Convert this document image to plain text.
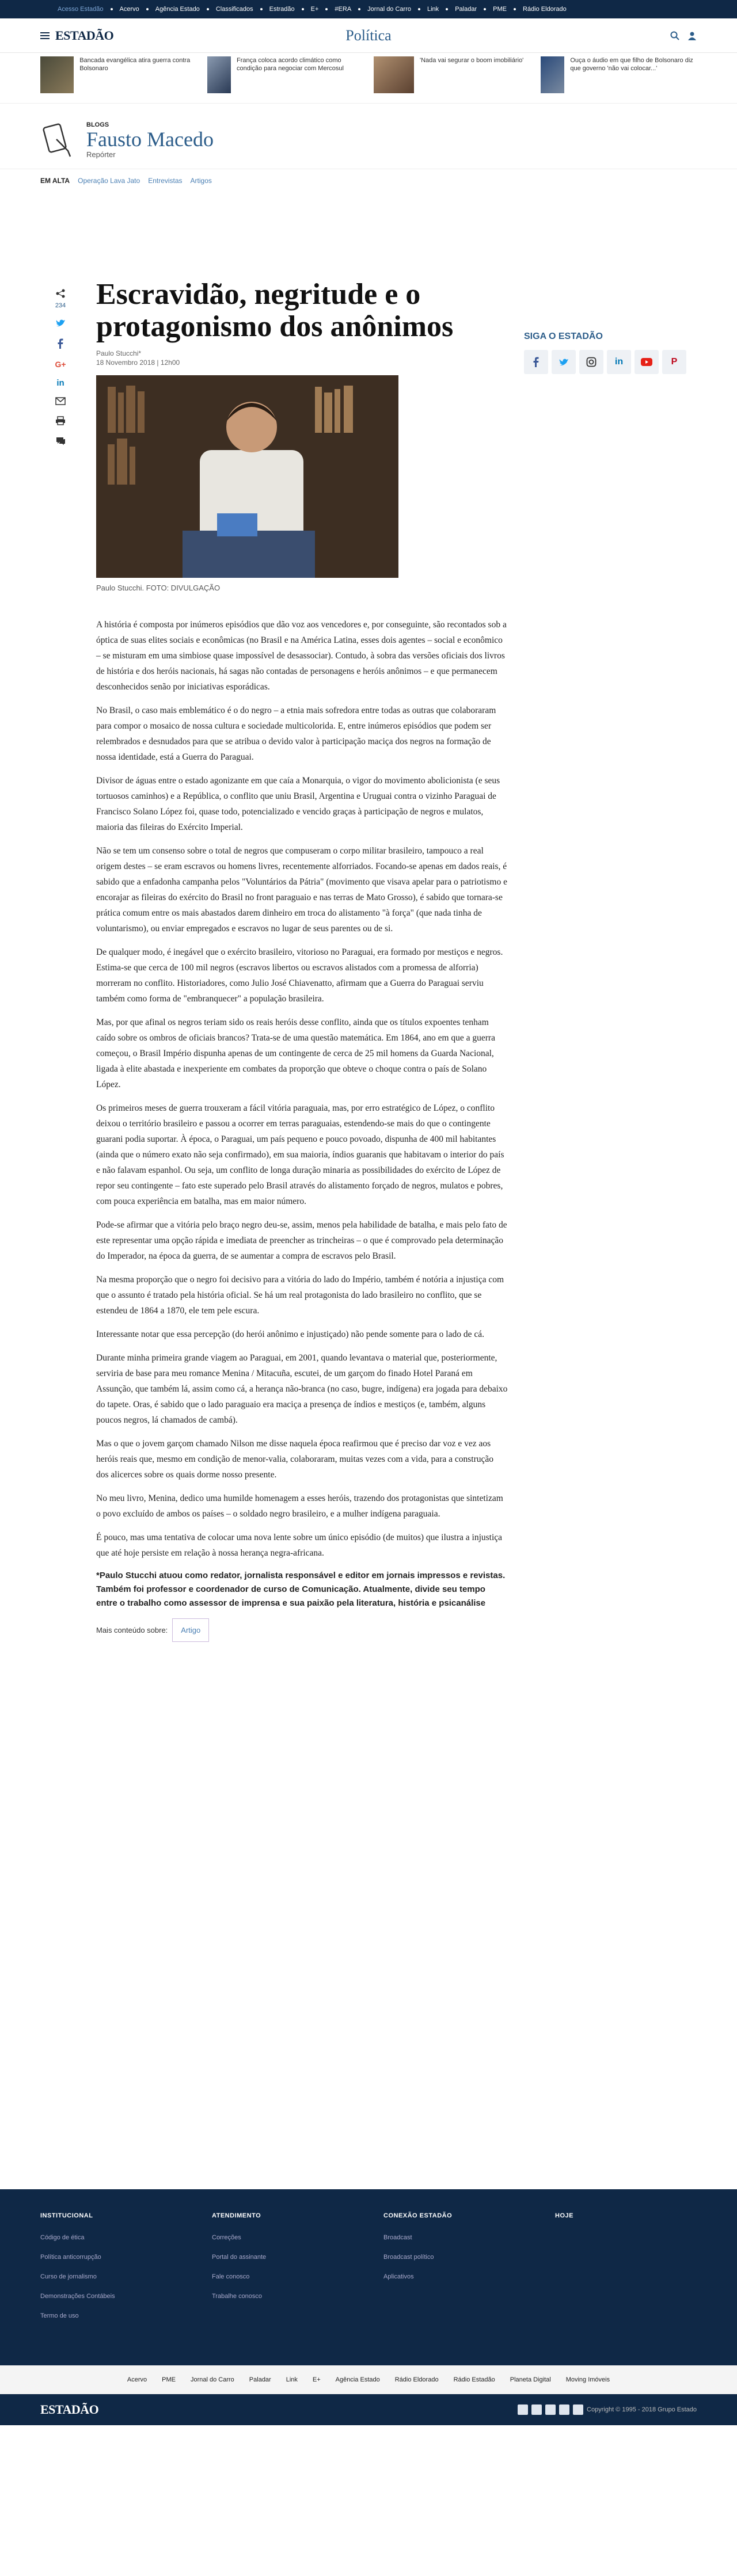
Acesso Estadão	Acervo	Agência Estado	Classificados	Estradão	E+	#ERA	Jornal do Carro	Link	Paladar	PME	Rádio Eldorado
ESTADÃO	Política
Bancada evangélica atira guerra contra Bolsonaro
França coloca acordo climático como condição para negociar com Mercosul
'Nada vai segurar o boom imobiliário'	Ouça o áudio em que filho de Bolsonaro diz que governo 'não vai colocar...'
BLOGS
Fausto Macedo
Repórter
EM ALTA Operação Lava Jato Entrevistas Artigos
234
G+
in
Escravidão, negritude e o protagonismo dos anônimos
Paulo Stucchi*
18 Novembro 2018 | 12h00
Paulo Stucchi. FOTO: DIVULGAÇÃO

A história é composta por inúmeros episódios que dão voz aos vencedores e, por conseguinte, são recontados sob a óptica de suas elites sociais e econômicas (no Brasil e na América Latina, esses dois agentes – social e econômico – se misturam em uma simbiose quase impossível de desassociar). Contudo, à sobra das versões oficiais dos livros de história e dos heróis nacionais, há sagas não contadas de personagens e heróis anônimos – e que permanecem desconhecidos senão por iniciativas esporádicas.

No Brasil, o caso mais emblemático é o do negro – a etnia mais sofredora entre todas as outras que colaboraram para compor o mosaico de nossa cultura e sociedade multicolorida. E, entre inúmeros episódios que podem ser relembrados e desnudados para que se atribua o devido valor à participação maciça dos negros na formação de nossa identidade, está a Guerra do Paraguai.

Divisor de águas entre o estado agonizante em que caía a Monarquia, o vigor do movimento abolicionista (e seus tortuosos caminhos) e a República, o conflito que uniu Brasil, Argentina e Uruguai contra o vizinho Paraguai de Francisco Solano López foi, quase todo, potencializado e vencido graças à participação de negros e mulatos, maioria das fileiras do Exército Imperial.

Não se tem um consenso sobre o total de negros que compuseram o corpo militar brasileiro, tampouco a real origem destes – se eram escravos ou homens livres, recentemente alforriados. Focando-se apenas em dados reais, é sabido que a enfadonha campanha pelos "Voluntários da Pátria" (movimento que visava apelar para o patriotismo e encorajar as fileiras do exército do Brasil no front paraguaio e nas terras de Mato Grosso), é sabido que tornara-se prática comum entre os mais abastados darem dinheiro em troca do alistamento "à força" (que nada tinha de voluntarismo), ou enviar empregados e escravos no lugar de seus parentes ou de si.

De qualquer modo, é inegável que o exército brasileiro, vitorioso no Paraguai, era formado por mestiços e negros. Estima-se que cerca de 100 mil negros (escravos libertos ou escravos alistados com a promessa de alforria) morreram no conflito. Historiadores, como Julio José Chiavenatto, afirmam que a Guerra do Paraguai serviu também como forma de "embranquecer" a população brasileira.

Mas, por que afinal os negros teriam sido os reais heróis desse conflito, ainda que os títulos expoentes tenham caído sobre os ombros de oficiais brancos? Trata-se de uma questão matemática. Em 1864, ano em que a guerra começou, o Brasil Império dispunha apenas de um contingente de cerca de 25 mil homens da Guarda Nacional, ligada à elite abastada e inexperiente em combates da proporção que obteve o choque contra o país de Solano López.

Os primeiros meses de guerra trouxeram a fácil vitória paraguaia, mas, por erro estratégico de López, o conflito deixou o território brasileiro e passou a ocorrer em terras paraguaias, estendendo-se mais do que o contingente guarani podia suportar. À época, o Paraguai, um país pequeno e pouco povoado, dispunha de 400 mil habitantes (ainda que o número exato não seja confirmado), em sua maioria, índios guaranis que habitavam o interior do país e não falavam espanhol. Ou seja, um conflito de longa duração minaria as possibilidades do exército de López de repor seu contingente – fato este superado pelo Brasil através do alistamento forçado de negros, mulatos e pobres, com pouca experiência em batalha, mas em maior número.

Pode-se afirmar que a vitória pelo braço negro deu-se, assim, menos pela habilidade de batalha, e mais pelo fato de este representar uma opção rápida e imediata de preencher as trincheiras – o que é comprovado pela determinação do Imperador, na época da guerra, de se aumentar a compra de escravos pelo Brasil.

Na mesma proporção que o negro foi decisivo para a vitória do lado do Império, também é notória a injustiça com que o assunto é tratado pela história oficial. Se há um real protagonista do lado brasileiro no conflito, que se estendeu de 1864 a 1870, ele tem pele escura.

Interessante notar que essa percepção (do herói anônimo e injustiçado) não pende somente para o lado de cá.

Durante minha primeira grande viagem ao Paraguai, em 2001, quando levantava o material que, posteriormente, serviria de base para meu romance Menina / Mitacuña, escutei, de um garçom do finado Hotel Paraná em Assunção, que também lá, assim como cá, a herança não-branca (no caso, bugre, indígena) era jogada para debaixo do tapete. Oras, é sabido que o lado paraguaio era maciça a presença de índios e mestiços (e, também, alguns poucos negros, lá chamados de cambá).

Mas o que o jovem garçom chamado Nilson me disse naquela época reafirmou que é preciso dar voz e vez aos heróis reais que, mesmo em condição de menor-valia, colaboraram, muitas vezes com a vida, para a construção dos alicerces sobre os quais dorme nosso presente.

No meu livro, Menina, dedico uma humilde homenagem a esses heróis, trazendo dos protagonistas que sintetizam o povo excluído de ambos os países – o soldado negro brasileiro, e a mulher indígena paraguaia.

É pouco, mas uma tentativa de colocar uma nova lente sobre um único episódio (de muitos) que ilustra a injustiça que até hoje persiste em relação à nossa herança negra-africana.

*Paulo Stucchi atuou como redator, jornalista responsável e editor em jornais impressos e revistas. Também foi professor e coordenador de curso de Comunicação. Atualmente, divide seu tempo entre o trabalho como assessor de imprensa e sua paixão pela literatura, história e psicanálise
Mais conteúdo sobre:	Artigo
SIGA O ESTADÃO
in	P
INSTITUCIONAL
Código de ética
Política anticorrupção
Curso de jornalismo
Demonstrações Contábeis
Termo de uso
ATENDIMENTO
Correções
Portal do assinante
Fale conosco
Trabalhe conosco
CONEXÃO ESTADÃO
Broadcast
Broadcast político
Aplicativos
HOJE
Acervo PME Jornal do Carro Paladar Link E+ Agência Estado Rádio Eldorado Rádio Estadão Planeta Digital Moving Imóveis
ESTADÃO	Copyright © 1995 - 2018 Grupo Estado
